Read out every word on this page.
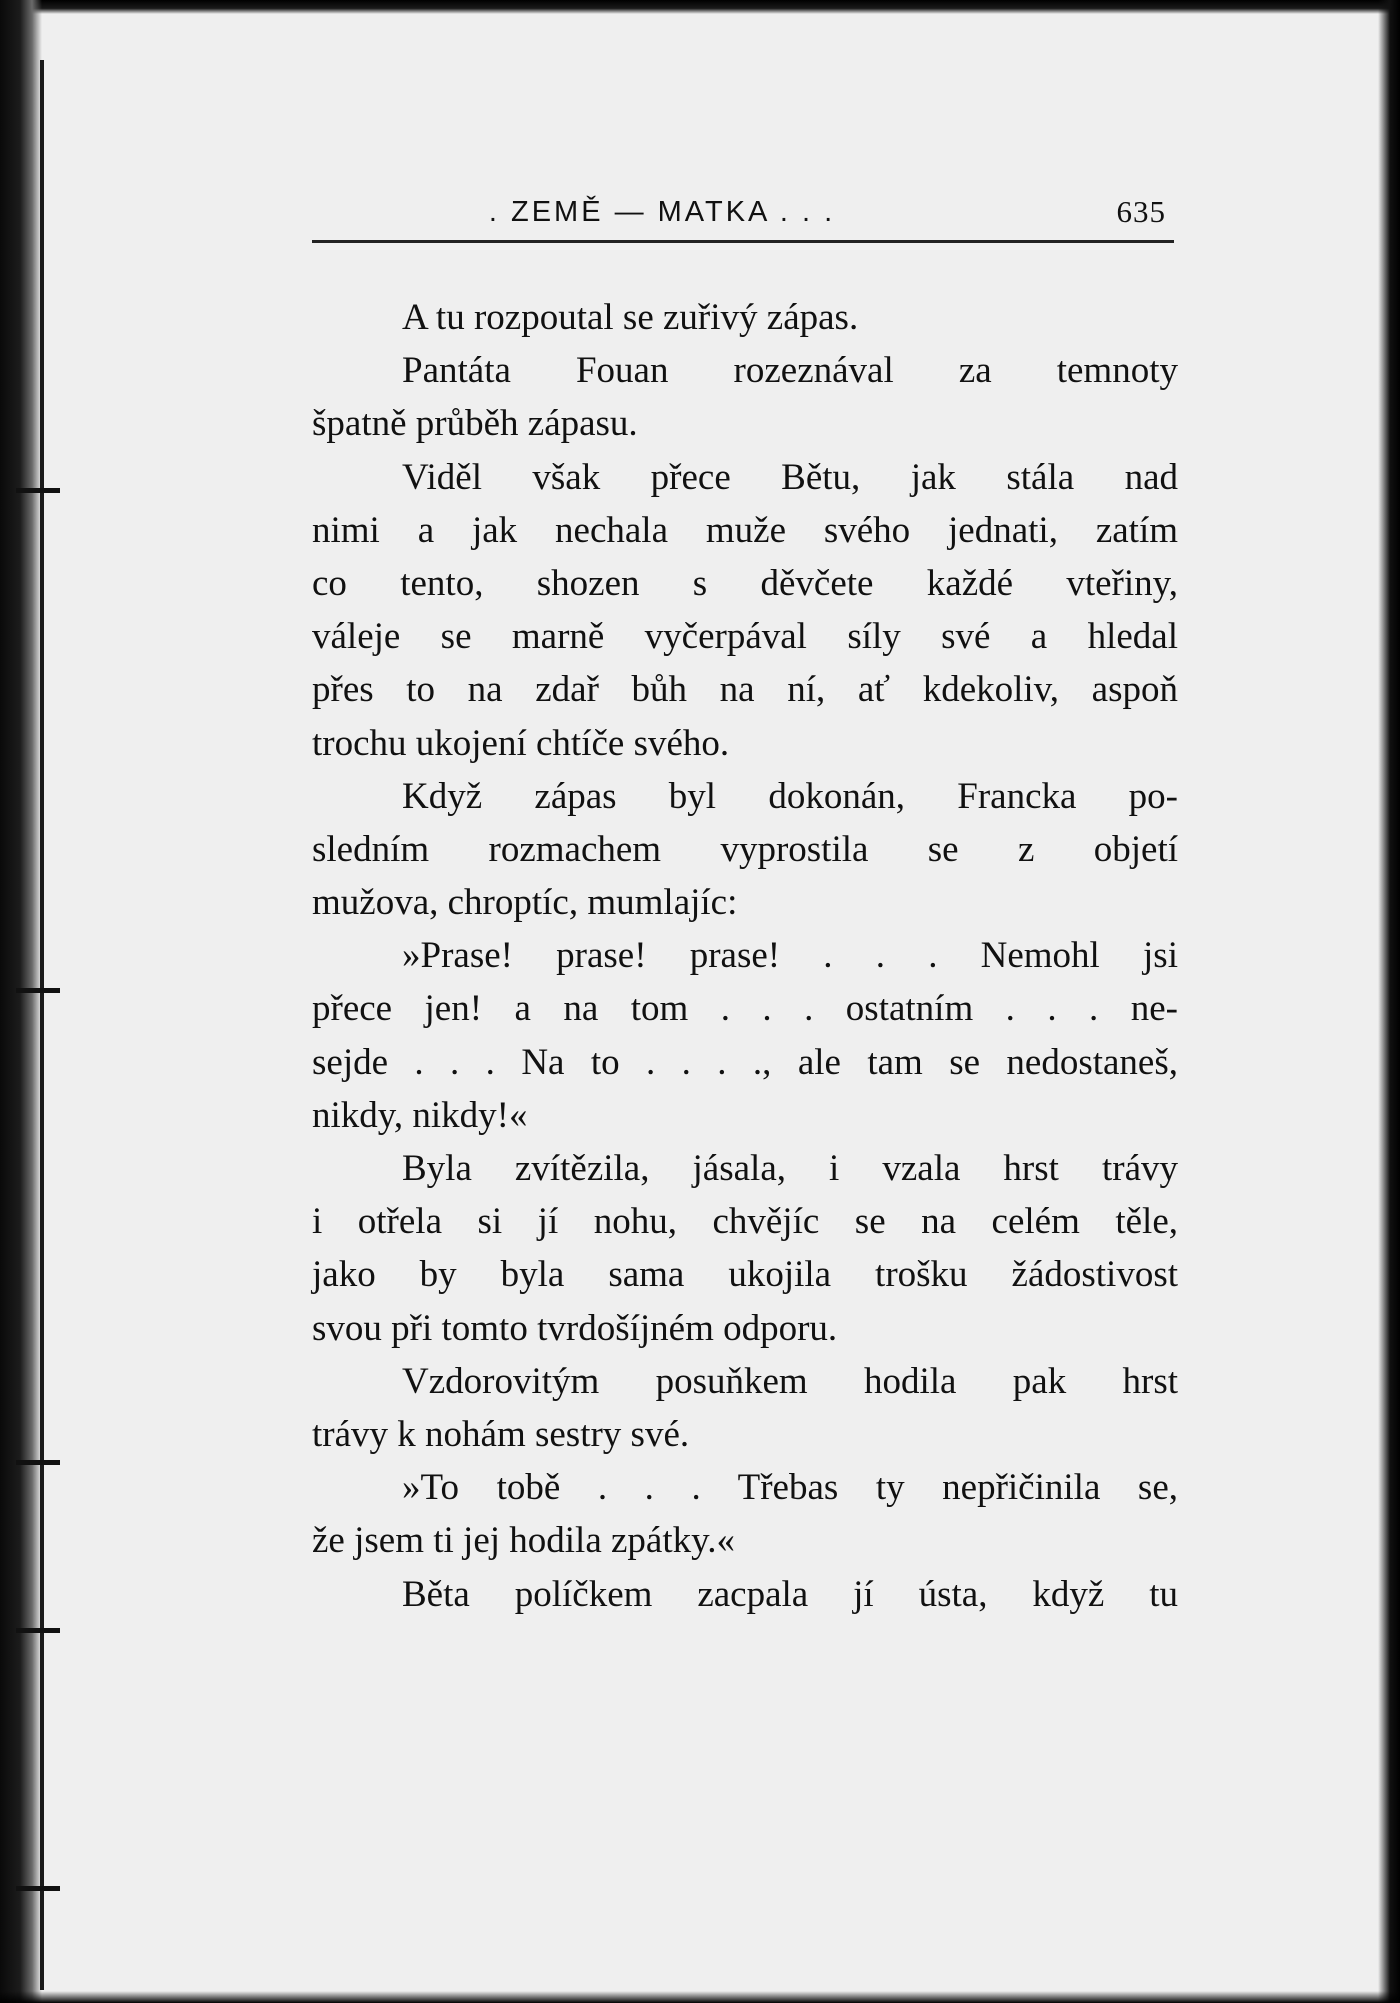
. ZEMĚ — MATKA . . .	635
A tu rozpoutal se zuřivý zápas.
Pantáta Fouan rozeznával za temnoty
špatně průběh zápasu.
Viděl však přece Bětu, jak stála nad
nimi a jak nechala muže svého jednati, zatím
co tento, shozen s děvčete každé vteřiny,
váleje se marně vyčerpával síly své a hledal
přes to na zdař bůh na ní, ať kdekoliv, aspoň
trochu ukojení chtíče svého.
Když zápas byl dokonán, Francka po-
sledním rozmachem vyprostila se z objetí
mužova, chroptíc, mumlajíc:
»Prase! prase! prase! . . . Nemohl jsi
přece jen! a na tom . . . ostatním . . . ne-
sejde . . . Na to . . . ., ale tam se nedostaneš,
nikdy, nikdy!«
Byla zvítězila, jásala, i vzala hrst trávy
i otřela si jí nohu, chvějíc se na celém těle,
jako by byla sama ukojila trošku žádostivost
svou při tomto tvrdošíjném odporu.
Vzdorovitým posuňkem hodila pak hrst
trávy k nohám sestry své.
»To tobě . . . Třebas ty nepřičinila se,
že jsem ti jej hodila zpátky.«
Běta políčkem zacpala jí ústa, když tu
